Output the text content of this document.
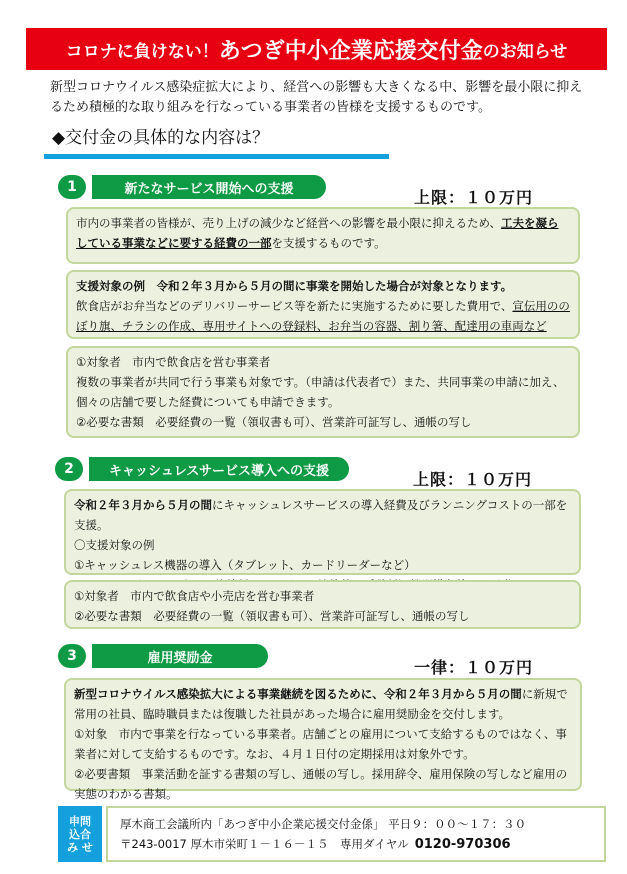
コロナに負けない！ あつぎ中小企業応援交付金 のお知らせ

新型コロナウイルス感染症拡大により、経営への影響も大きくなる中、影響を最小限に抑えるため積極的な取り組みを行なっている事業者の皆様を支援するものです。

◆交付金の具体的な内容は？
1	新たなサービス開始への支援	上限：１０万円

市内の事業者の皆様が、売り上げの減少など経営への影響を最小限に抑えるため、工夫を凝らしている事業などに要する経費の一部を支援するものです。

支援対象の例　令和２年３月から５月の間に事業を開始した場合が対象となります。

飲食店がお弁当などのデリバリーサービス等を新たに実施するために要した費用で、宣伝用ののぼり旗、チラシの作成、専用サイトへの登録料、お弁当の容器、割り箸、配達用の車両など

①対象者　市内で飲食店を営む事業者

複数の事業者が共同で行う事業も対象です。（申請は代表者で）また、共同事業の申請に加え、個々の店舗で要した経費についても申請できます。

②必要な書類　必要経費の一覧（領収書も可）、営業許可証写し、通帳の写し

2	キャッシュレスサービス導入への支援	上限：１０万円

令和２年３月から５月の間にキャッシュレスサービスの導入経費及びランニングコストの一部を支援。

〇支援対象の例

①キャッシュレス機器の導入（タブレット、カードリーダーなど）

①対象者　市内で飲食店や小売店を営む事業者

②必要な書類　必要経費の一覧（領収書も可）、営業許可証写し、通帳の写し

3	雇用奨励金	一律：１０万円

新型コロナウイルス感染拡大による事業継続を図るために、令和２年３月から５月の間に新規で常用の社員、臨時職員または復職した社員があった場合に雇用奨励金を交付します。

①対象　市内で事業を行なっている事業者。店舗ごとの雇用について支給するものではなく、事業者に対して支給するものです。なお、４月１日付の定期採用は対象外です。

②必要書類　事業活動を証する書類の写し、通帳の写し。採用辞令、雇用保険の写しなど雇用の実態のわかる書類。

申問
込合
み せ
厚木商工会議所内「あつぎ中小企業応援交付金係」 平日９：００～１７：３０
〒243-0017 厚木市栄町１－１６－１５　専用ダイヤル 0120-970306
